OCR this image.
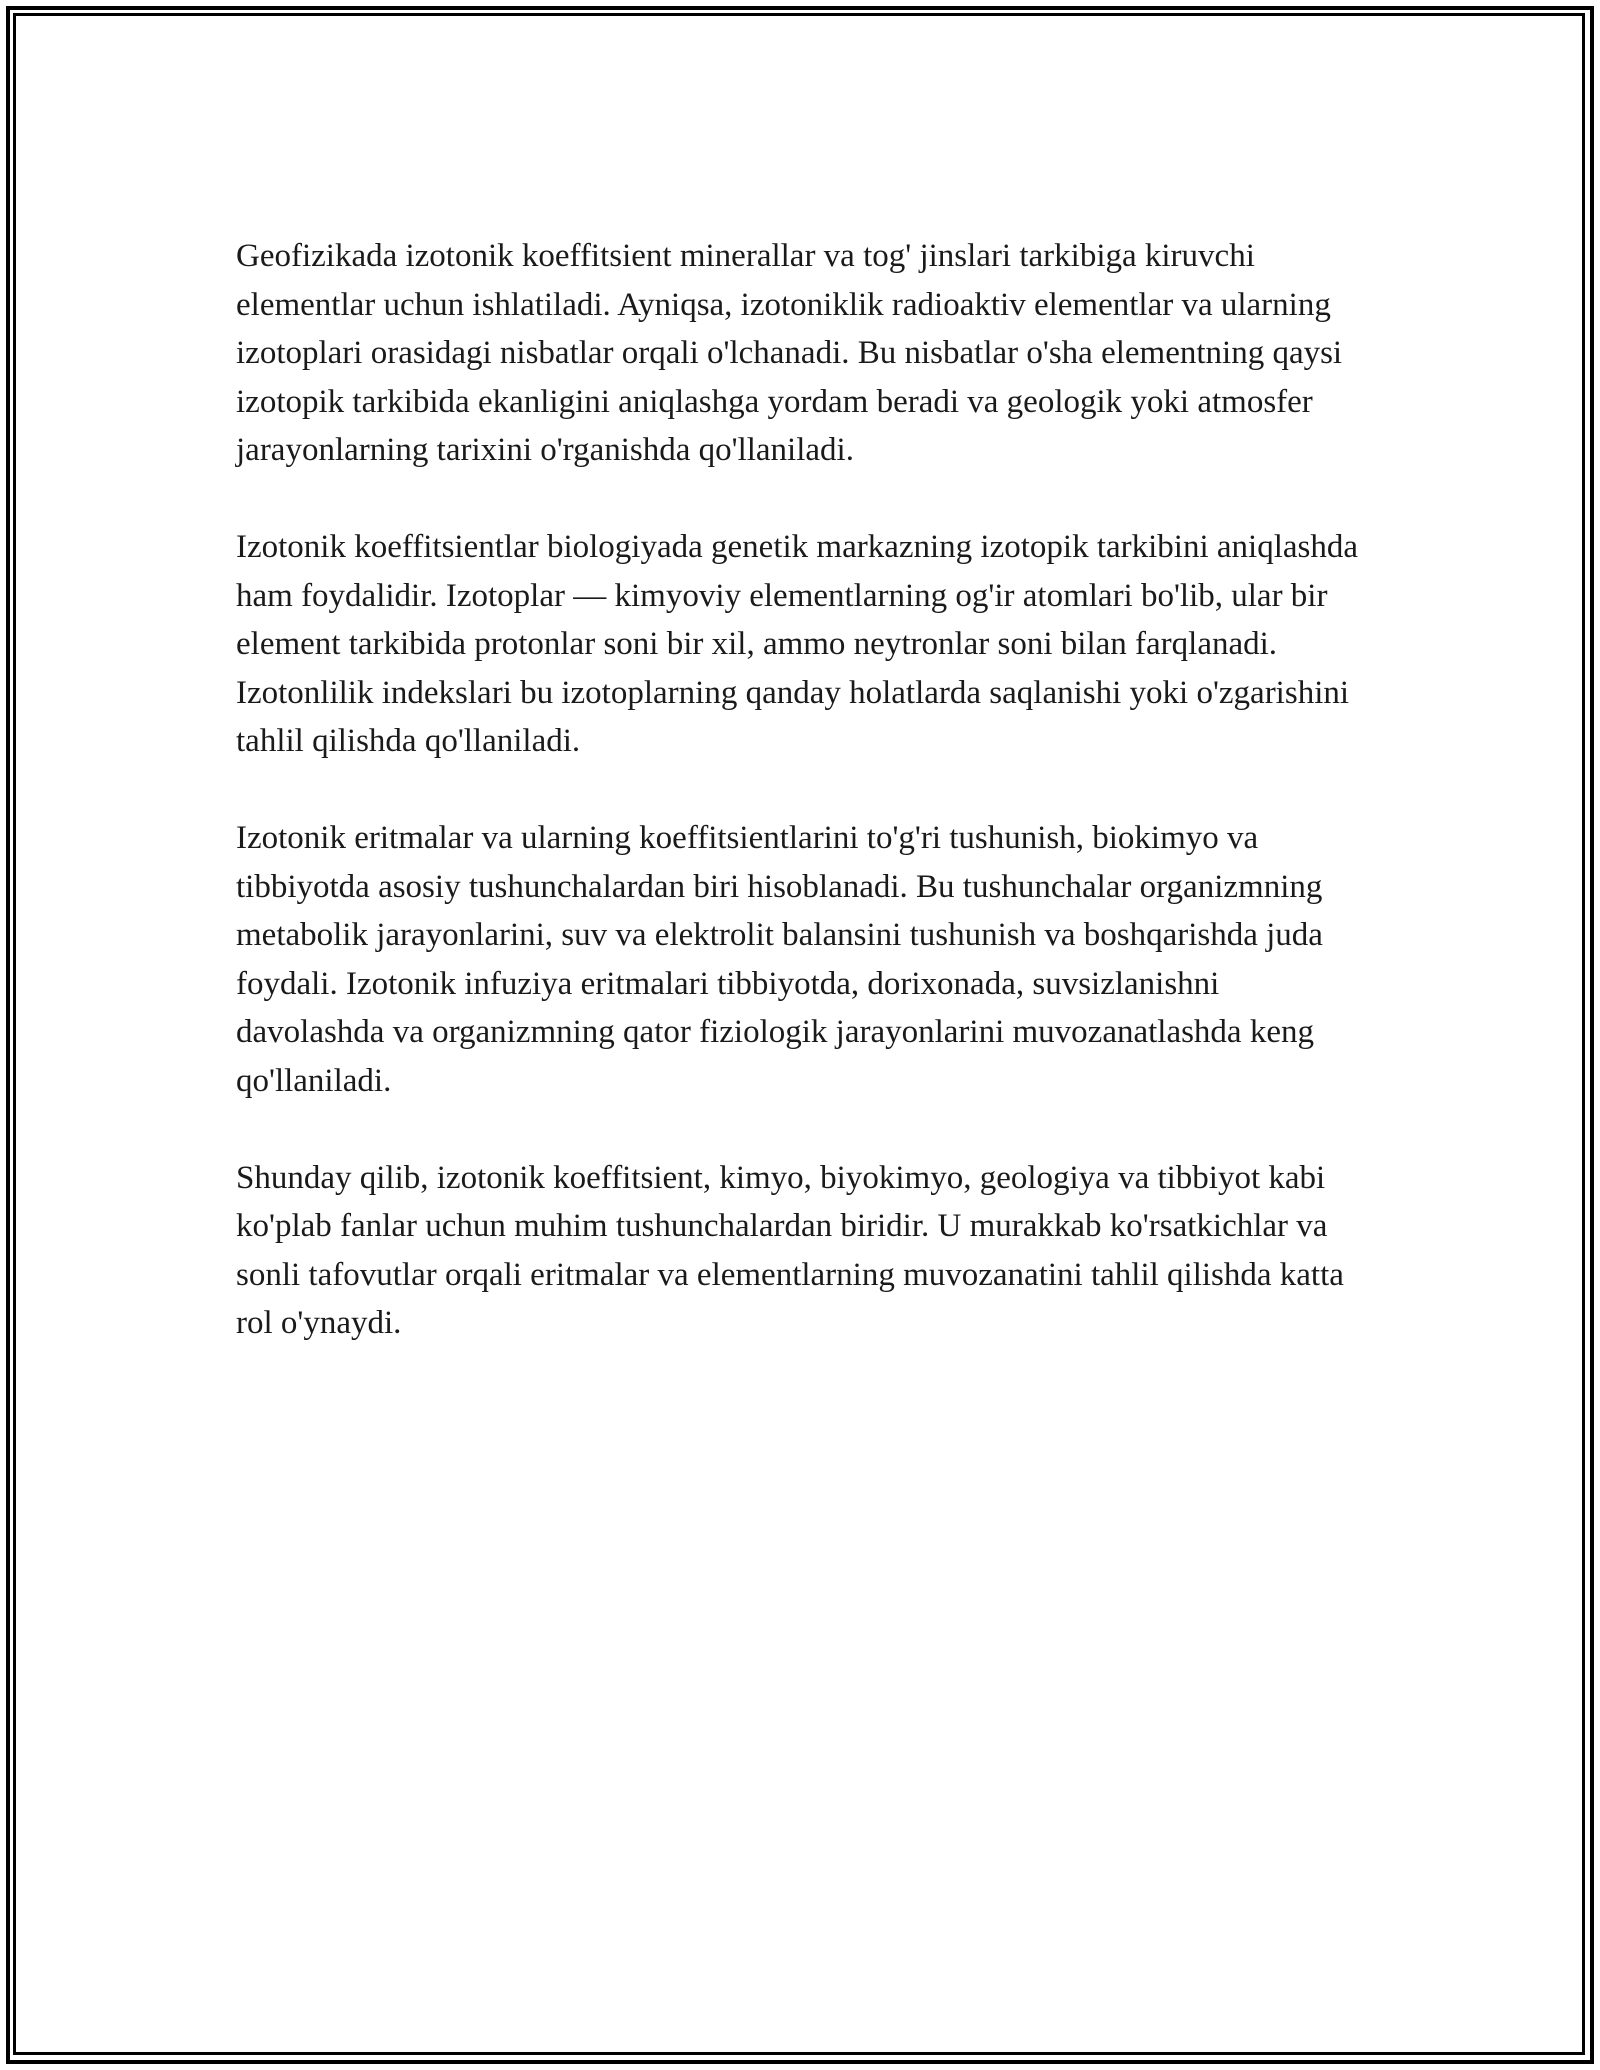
Geofizikada izotonik koeffitsient minerallar va tog' jinslari tarkibiga kiruvchi elementlar uchun ishlatiladi. Ayniqsa, izotoniklik radioaktiv elementlar va ularning izotoplari orasidagi nisbatlar orqali o'lchanadi. Bu nisbatlar o'sha elementning qaysi izotopik tarkibida ekanligini aniqlashga yordam beradi va geologik yoki atmosfer jarayonlarning tarixini o'rganishda qo'llaniladi.

Izotonik koeffitsientlar biologiyada genetik markazning izotopik tarkibini aniqlashda ham foydalidir. Izotoplar — kimyoviy elementlarning og'ir atomlari bo'lib, ular bir element tarkibida protonlar soni bir xil, ammo neytronlar soni bilan farqlanadi. Izotonlilik indekslari bu izotoplarning qanday holatlarda saqlanishi yoki o'zgarishini tahlil qilishda qo'llaniladi.

Izotonik eritmalar va ularning koeffitsientlarini to'g'ri tushunish, biokimyo va tibbiyotda asosiy tushunchalardan biri hisoblanadi. Bu tushunchalar organizmning metabolik jarayonlarini, suv va elektrolit balansini tushunish va boshqarishda juda foydali. Izotonik infuziya eritmalari tibbiyotda, dorixonada, suvsizlanishni davolashda va organizmning qator fiziologik jarayonlarini muvozanatlashda keng qo'llaniladi.

Shunday qilib, izotonik koeffitsient, kimyo, biyokimyo, geologiya va tibbiyot kabi ko'plab fanlar uchun muhim tushunchalardan biridir. U murakkab ko'rsatkichlar va sonli tafovutlar orqali eritmalar va elementlarning muvozanatini tahlil qilishda katta rol o'ynaydi.
